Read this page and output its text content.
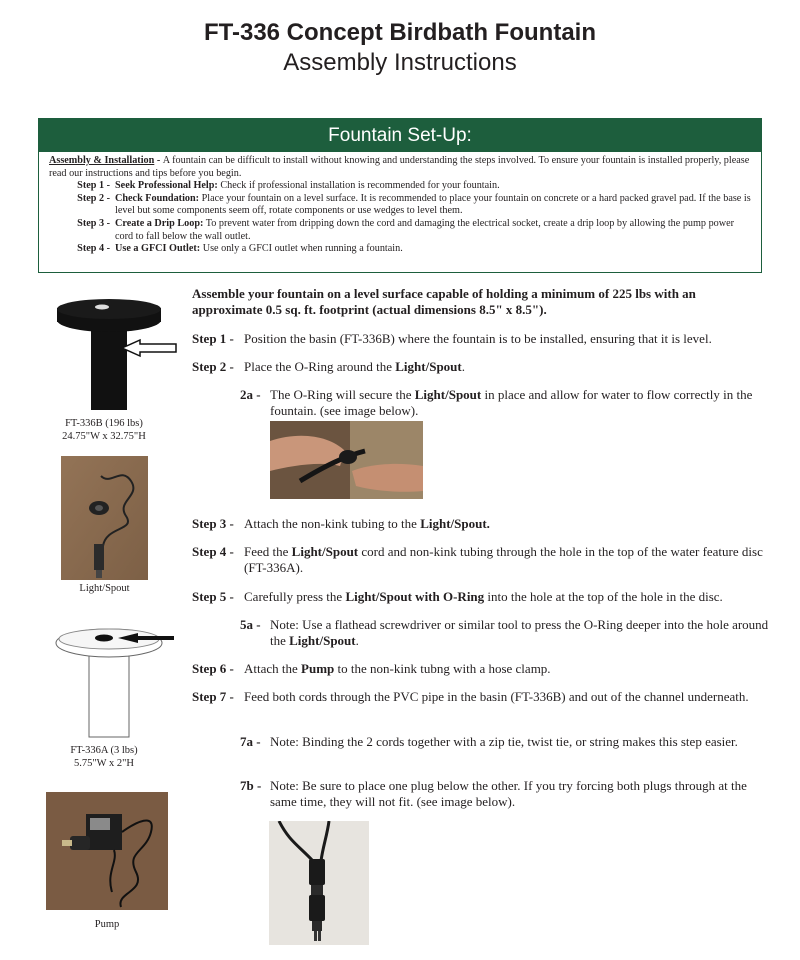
FT-336 Concept Birdbath Fountain
Assembly Instructions
Fountain Set-Up:
Assembly & Installation - A fountain can be difficult to install without knowing and understanding the steps involved. To ensure your fountain is installed properly, please read our instructions and tips before you begin.
Step 1 - Seek Professional Help: Check if professional installation is recommended for your fountain.
Step 2 - Check Foundation: Place your fountain on a level surface. It is recommended to place your fountain on concrete or a hard packed gravel pad. If the base is level but some components seem off, rotate components or use wedges to level them.
Step 3 - Create a Drip Loop: To prevent water from dripping down the cord and damaging the electrical socket, create a drip loop by allowing the pump power cord to fall below the wall outlet.
Step 4 - Use a GFCI Outlet: Use only a GFCI outlet when running a fountain.
FT-336B (196 lbs)
24.75"W x 32.75"H
Light/Spout
FT-336A (3 lbs)
5.75"W x 2"H
Pump
Assemble your fountain on a level surface capable of holding a minimum of 225 lbs with an approximate 0.5 sq. ft. footprint (actual dimensions 8.5" x 8.5").
Step 1 - Position the basin (FT-336B) where the fountain is to be installed, ensuring that it is level.
Step 2 - Place the O-Ring around the Light/Spout.
2a - The O-Ring will secure the Light/Spout in place and allow for water to flow correctly in the fountain. (see image below).
Step 3 - Attach the non-kink tubing to the Light/Spout.
Step 4 - Feed the Light/Spout cord and non-kink tubing through the hole in the top of the water feature disc (FT-336A).
Step 5 - Carefully press the Light/Spout with O-Ring into the hole at the top of the hole in the disc.
5a - Note: Use a flathead screwdriver or similar tool to press the O-Ring deeper into the hole around the Light/Spout.
Step 6 - Attach the Pump to the non-kink tubng with a hose clamp.
Step 7 - Feed both cords through the PVC pipe in the basin (FT-336B) and out of the channel underneath.
7a - Note: Binding the 2 cords together with a zip tie, twist tie, or string makes this step easier.
7b - Note: Be sure to place one plug below the other. If you try forcing both plugs through at the same time, they will not fit. (see image below).
